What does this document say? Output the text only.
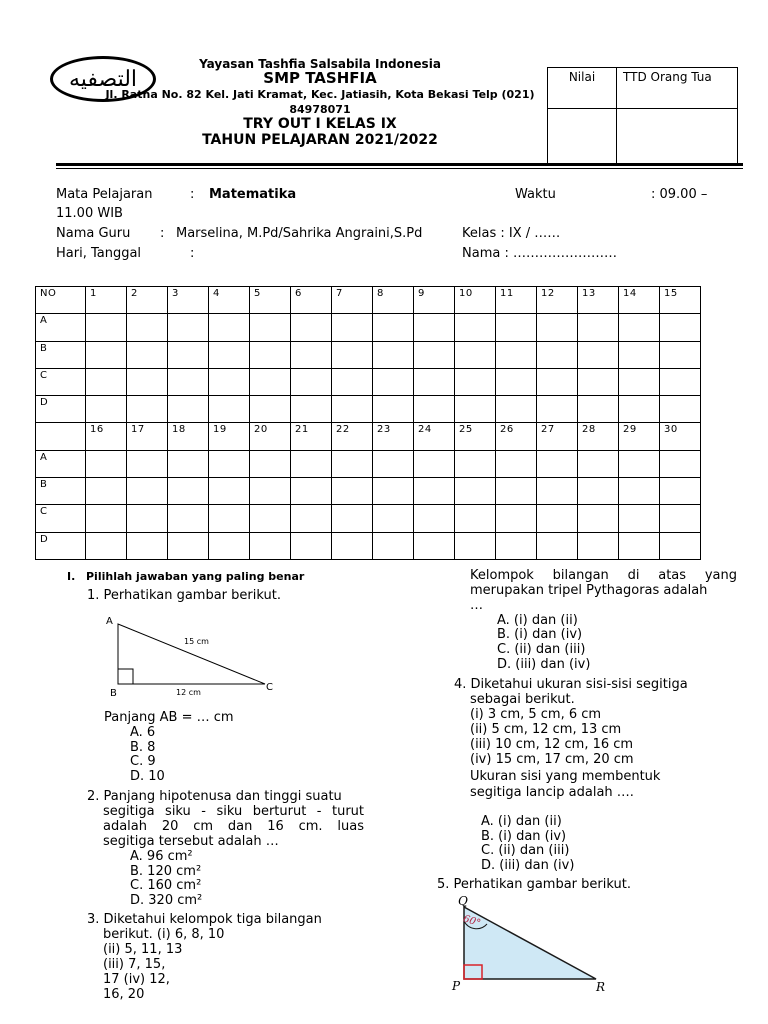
التصفيه
Yayasan Tashfia Salsabila Indonesia
SMP TASHFIA
Jl. Ratna No. 82 Kel. Jati Kramat, Kec. Jatiasih, Kota Bekasi Telp (021)
84978071
TRY OUT I KELAS IX
TAHUN PELAJARAN 2021/2022
Nilai	TTD Orang Tua

Mata Pelajaran	: Matematika	Waktu	: 09.00 –
11.00 WIB
Nama Guru : Marselina, M.Pd/Sahrika Angraini,S.Pd	Kelas : IX / ……
Hari, Tanggal	:	Nama : ……………………
NO	1	2	3	4	5	6	7	8	9	10	11	12	13	14	15
A															
B															
C															
D															
	16	17	18	19	20	21	22	23	24	25	26	27	28	29	30
A															
B															
C															
D															
I. Pilihlah jawaban yang paling benar
1. Perhatikan gambar berikut.
A
B
C
15 cm
12 cm
Panjang AB = … cm
A. 6
B. 8
C. 9
D. 10
2. Panjang hipotenusa dan tinggi suatu
segitiga siku - siku berturut - turut
adalah 20 cm dan 16 cm. luas
segitiga tersebut adalah …
A. 96 cm²
B. 120 cm²
C. 160 cm²
D. 320 cm²
3. Diketahui kelompok tiga bilangan
berikut. (i) 6, 8, 10
(ii) 5, 11, 13
(iii) 7, 15,
17 (iv) 12,
16, 20
Kelompok bilangan di atas yang
merupakan tripel Pythagoras adalah
…
A. (i) dan (ii)
B. (i) dan (iv)
C. (ii) dan (iii)
D. (iii) dan (iv)
4. Diketahui ukuran sisi-sisi segitiga
sebagai berikut.
(i) 3 cm, 5 cm, 6 cm
(ii) 5 cm, 12 cm, 13 cm
(iii) 10 cm, 12 cm, 16 cm
(iv) 15 cm, 17 cm, 20 cm
Ukuran sisi yang membentuk
segitiga lancip adalah ….
A. (i) dan (ii)
B. (i) dan (iv)
C. (ii) dan (iii)
D. (iii) dan (iv)
5. Perhatikan gambar berikut.
Q
P	R
60°
